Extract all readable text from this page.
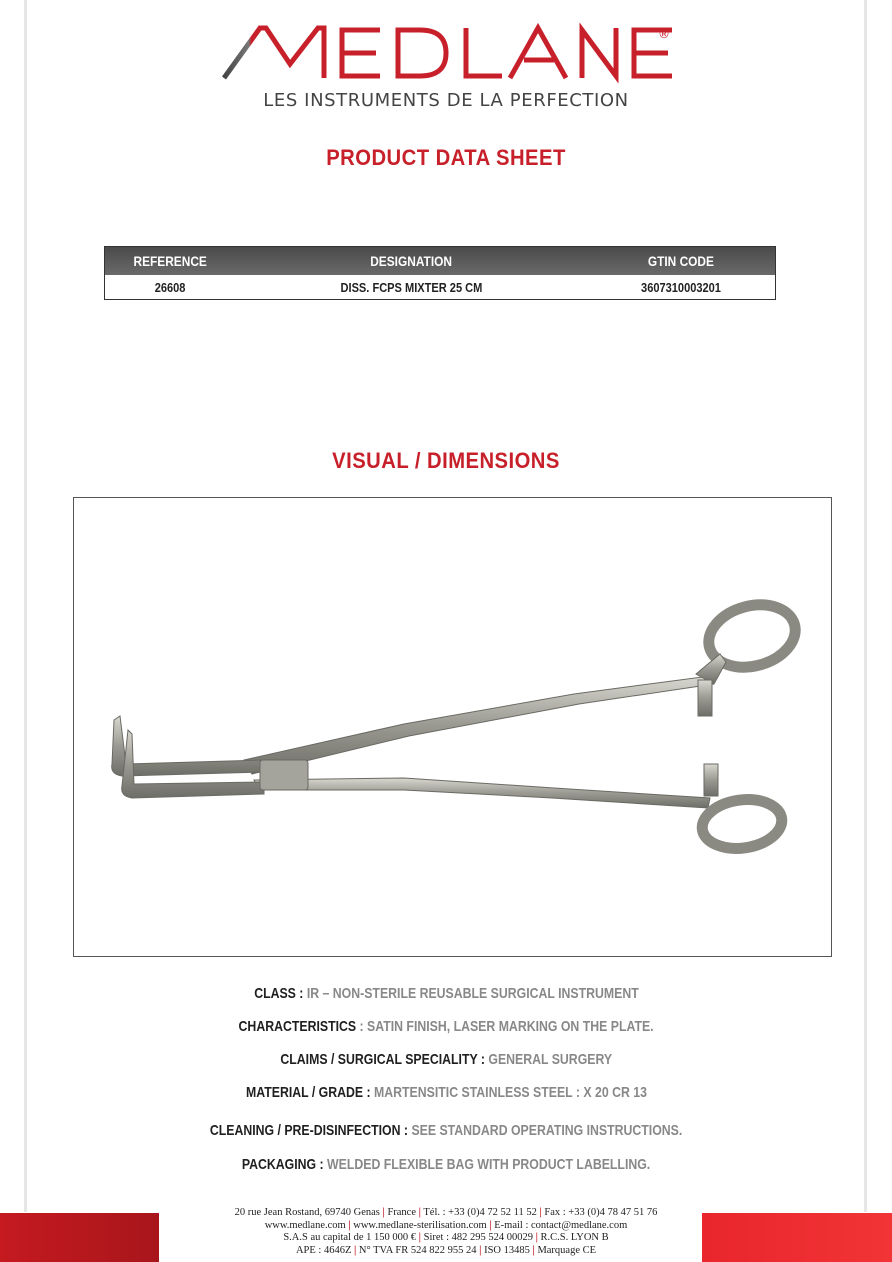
®
LES INSTRUMENTS DE LA PERFECTION
PRODUCT DATA SHEET
REFERENCE	DESIGNATION	GTIN CODE
26608	DISS. FCPS MIXTER 25 CM	3607310003201
VISUAL / DIMENSIONS
CLASS : IR – NON-STERILE REUSABLE SURGICAL INSTRUMENT
CHARACTERISTICS : SATIN FINISH, LASER MARKING ON THE PLATE.
CLAIMS / SURGICAL SPECIALITY : GENERAL SURGERY
MATERIAL / GRADE : MARTENSITIC STAINLESS STEEL : X 20 CR 13
CLEANING / PRE-DISINFECTION : SEE STANDARD OPERATING INSTRUCTIONS.
PACKAGING : WELDED FLEXIBLE BAG WITH PRODUCT LABELLING.
20 rue Jean Rostand, 69740 Genas | France | Tél. : +33 (0)4 72 52 11 52 | Fax : +33 (0)4 78 47 51 76
www.medlane.com | www.medlane-sterilisation.com | E-mail : contact@medlane.com
S.A.S au capital de 1 150 000 € | Siret : 482 295 524 00029 | R.C.S. LYON B
APE : 4646Z | N° TVA FR 524 822 955 24 | ISO 13485 | Marquage CE
